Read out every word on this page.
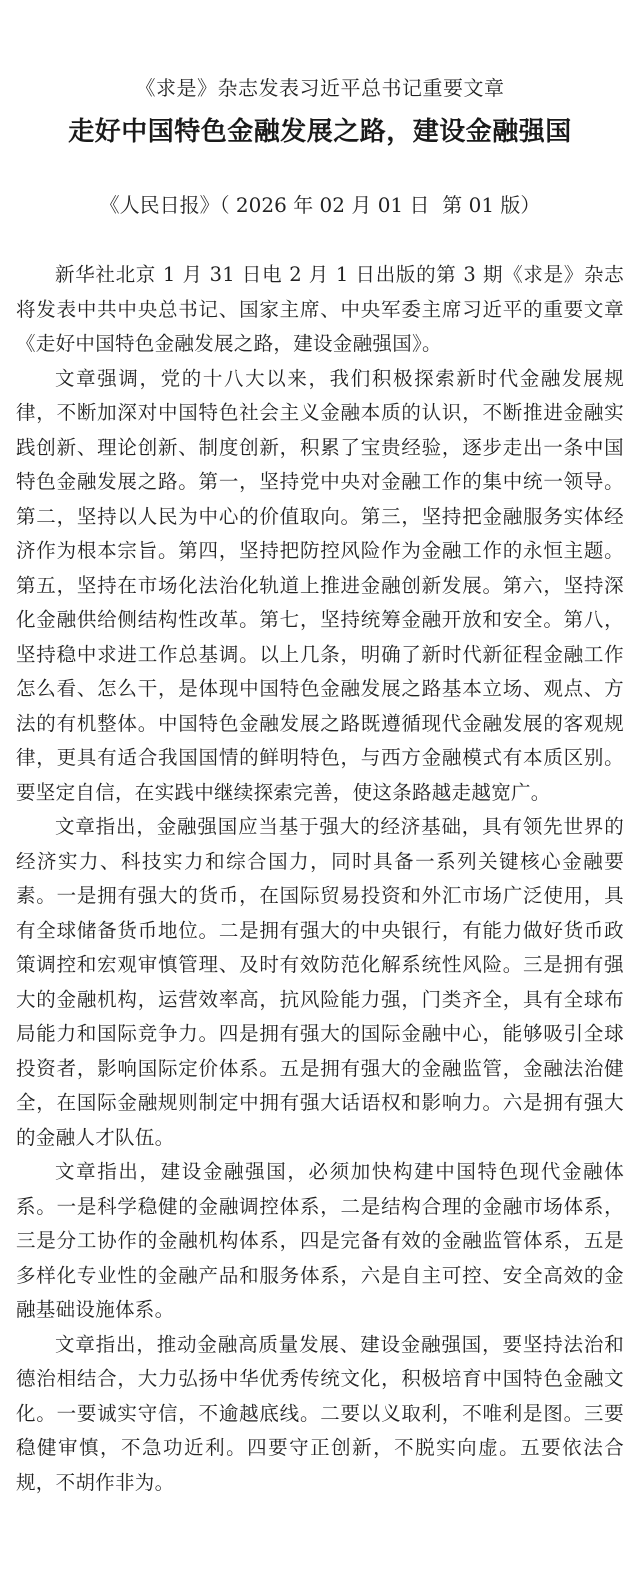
《求是》杂志发表习近平总书记重要文章
走好中国特色金融发展之路，建设金融强国
《人民日报》（ 2026 年 02 月 01 日  第 01 版）

新华社北京 1 月 31 日电 2 月 1 日出版的第 3 期《求是》杂志将发表中共中央总书记、国家主席、中央军委主席习近平的重要文章《走好中国特色金融发展之路，建设金融强国》。

文章强调，党的十八大以来，我们积极探索新时代金融发展规律，不断加深对中国特色社会主义金融本质的认识，不断推进金融实践创新、理论创新、制度创新，积累了宝贵经验，逐步走出一条中国特色金融发展之路。第一，坚持党中央对金融工作的集中统一领导。第二，坚持以人民为中心的价值取向。第三，坚持把金融服务实体经济作为根本宗旨。第四，坚持把防控风险作为金融工作的永恒主题。第五，坚持在市场化法治化轨道上推进金融创新发展。第六，坚持深化金融供给侧结构性改革。第七，坚持统筹金融开放和安全。第八，坚持稳中求进工作总基调。以上几条，明确了新时代新征程金融工作怎么看、怎么干，是体现中国特色金融发展之路基本立场、观点、方法的有机整体。中国特色金融发展之路既遵循现代金融发展的客观规律，更具有适合我国国情的鲜明特色，与西方金融模式有本质区别。要坚定自信，在实践中继续探索完善，使这条路越走越宽广。

文章指出，金融强国应当基于强大的经济基础，具有领先世界的经济实力、科技实力和综合国力，同时具备一系列关键核心金融要素。一是拥有强大的货币，在国际贸易投资和外汇市场广泛使用，具有全球储备货币地位。二是拥有强大的中央银行，有能力做好货币政策调控和宏观审慎管理、及时有效防范化解系统性风险。三是拥有强大的金融机构，运营效率高，抗风险能力强，门类齐全，具有全球布局能力和国际竞争力。四是拥有强大的国际金融中心，能够吸引全球投资者，影响国际定价体系。五是拥有强大的金融监管，金融法治健全，在国际金融规则制定中拥有强大话语权和影响力。六是拥有强大的金融人才队伍。

文章指出，建设金融强国，必须加快构建中国特色现代金融体系。一是科学稳健的金融调控体系，二是结构合理的金融市场体系，三是分工协作的金融机构体系，四是完备有效的金融监管体系，五是多样化专业性的金融产品和服务体系，六是自主可控、安全高效的金融基础设施体系。

文章指出，推动金融高质量发展、建设金融强国，要坚持法治和德治相结合，大力弘扬中华优秀传统文化，积极培育中国特色金融文化。一要诚实守信，不逾越底线。二要以义取利，不唯利是图。三要稳健审慎，不急功近利。四要守正创新，不脱实向虚。五要依法合规，不胡作非为。
